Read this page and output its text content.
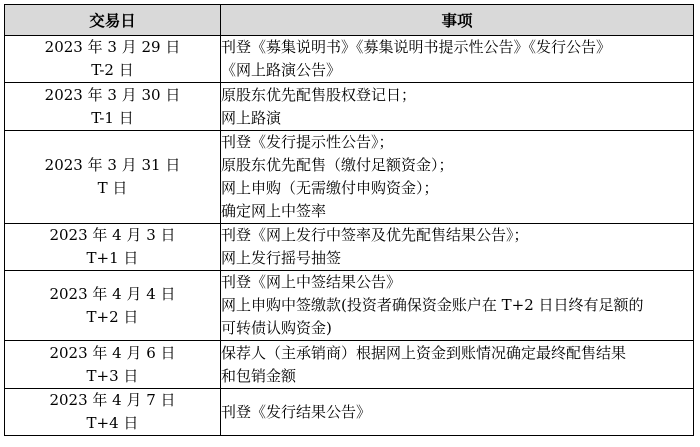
交易日	事项

2023 年 3 月 29 日
T-2 日	刊登《募集说明书》《募集说明书提示性公告》《发行公告》
《网上路演公告》

2023 年 3 月 30 日
T-1 日	原股东优先配售股权登记日；
网上路演

2023 年 3 月 31 日
T 日	刊登《发行提示性公告》；
原股东优先配售（缴付足额资金）；
网上申购（无需缴付申购资金）；
确定网上中签率

2023 年 4 月 3 日
T+1 日	刊登《网上发行中签率及优先配售结果公告》；
网上发行摇号抽签

2023 年 4 月 4 日
T+2 日	刊登《网上中签结果公告》
网上申购中签缴款(投资者确保资金账户在 T+2 日日终有足额的
可转债认购资金)

2023 年 4 月 6 日
T+3 日	保荐人（主承销商）根据网上资金到账情况确定最终配售结果
和包销金额

2023 年 4 月 7 日
T+4 日	刊登《发行结果公告》
